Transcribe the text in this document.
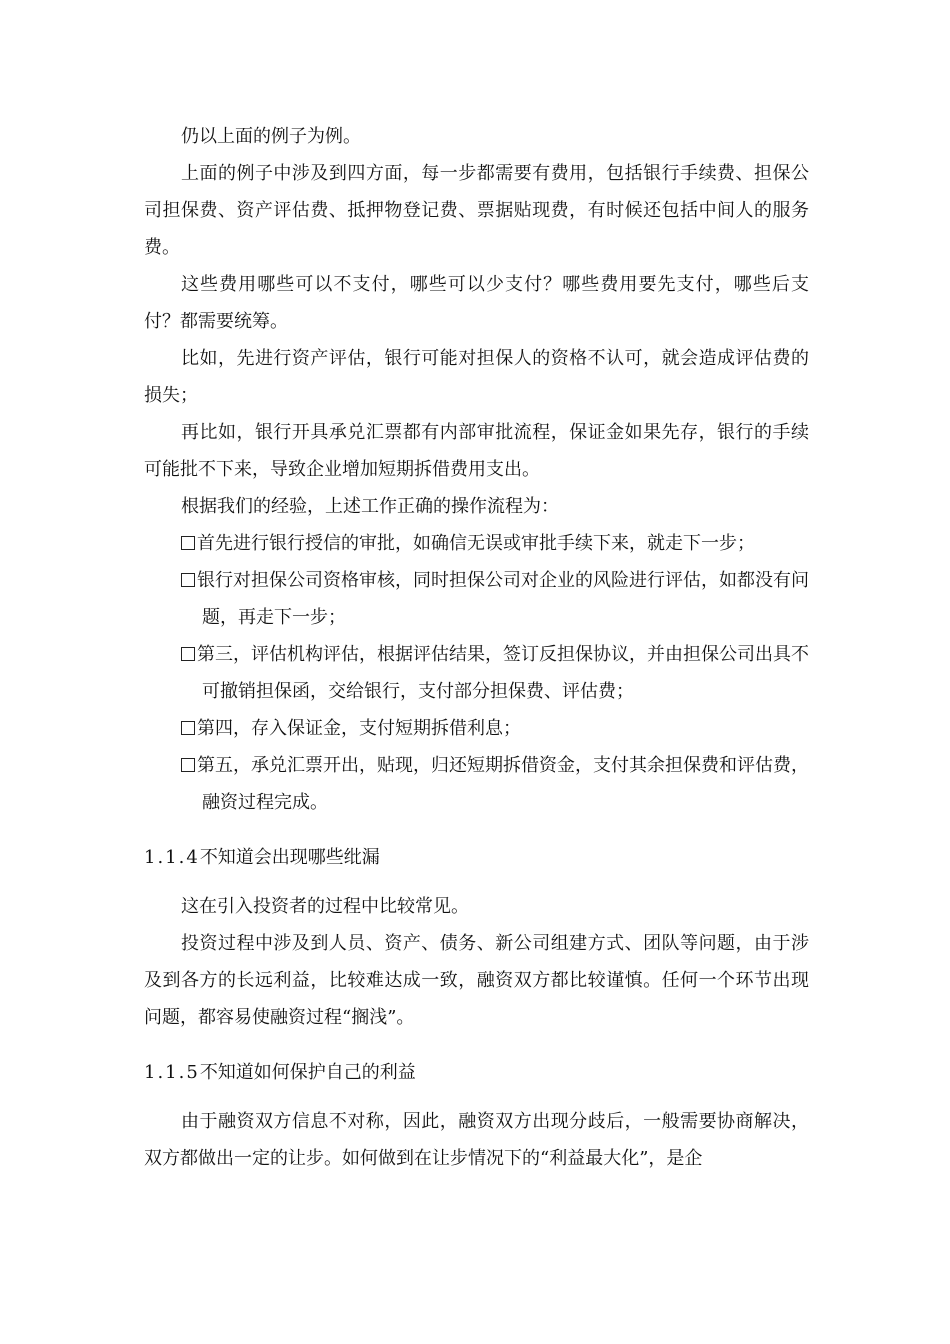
仍以上面的例子为例。

上面的例子中涉及到四方面，每一步都需要有费用，包括银行手续费、担保公司担保费、资产评估费、抵押物登记费、票据贴现费，有时候还包括中间人的服务费。

这些费用哪些可以不支付，哪些可以少支付？哪些费用要先支付，哪些后支付？都需要统筹。

比如，先进行资产评估，银行可能对担保人的资格不认可，就会造成评估费的损失；

再比如，银行开具承兑汇票都有内部审批流程，保证金如果先存，银行的手续可能批不下来，导致企业增加短期拆借费用支出。

根据我们的经验，上述工作正确的操作流程为：

首先进行银行授信的审批，如确信无误或审批手续下来，就走下一步；

银行对担保公司资格审核，同时担保公司对企业的风险进行评估，如都没有问题，再走下一步；

第三，评估机构评估，根据评估结果，签订反担保协议，并由担保公司出具不可撤销担保函，交给银行，支付部分担保费、评估费；

第四，存入保证金，支付短期拆借利息；

第五，承兑汇票开出，贴现，归还短期拆借资金，支付其余担保费和评估费，融资过程完成。

1.1.4不知道会出现哪些纰漏

这在引入投资者的过程中比较常见。

投资过程中涉及到人员、资产、债务、新公司组建方式、团队等问题，由于涉及到各方的长远利益，比较难达成一致，融资双方都比较谨慎。任何一个环节出现问题，都容易使融资过程“搁浅”。

1.1.5不知道如何保护自己的利益

由于融资双方信息不对称，因此，融资双方出现分歧后，一般需要协商解决，双方都做出一定的让步。如何做到在让步情况下的“利益最大化”，是企
